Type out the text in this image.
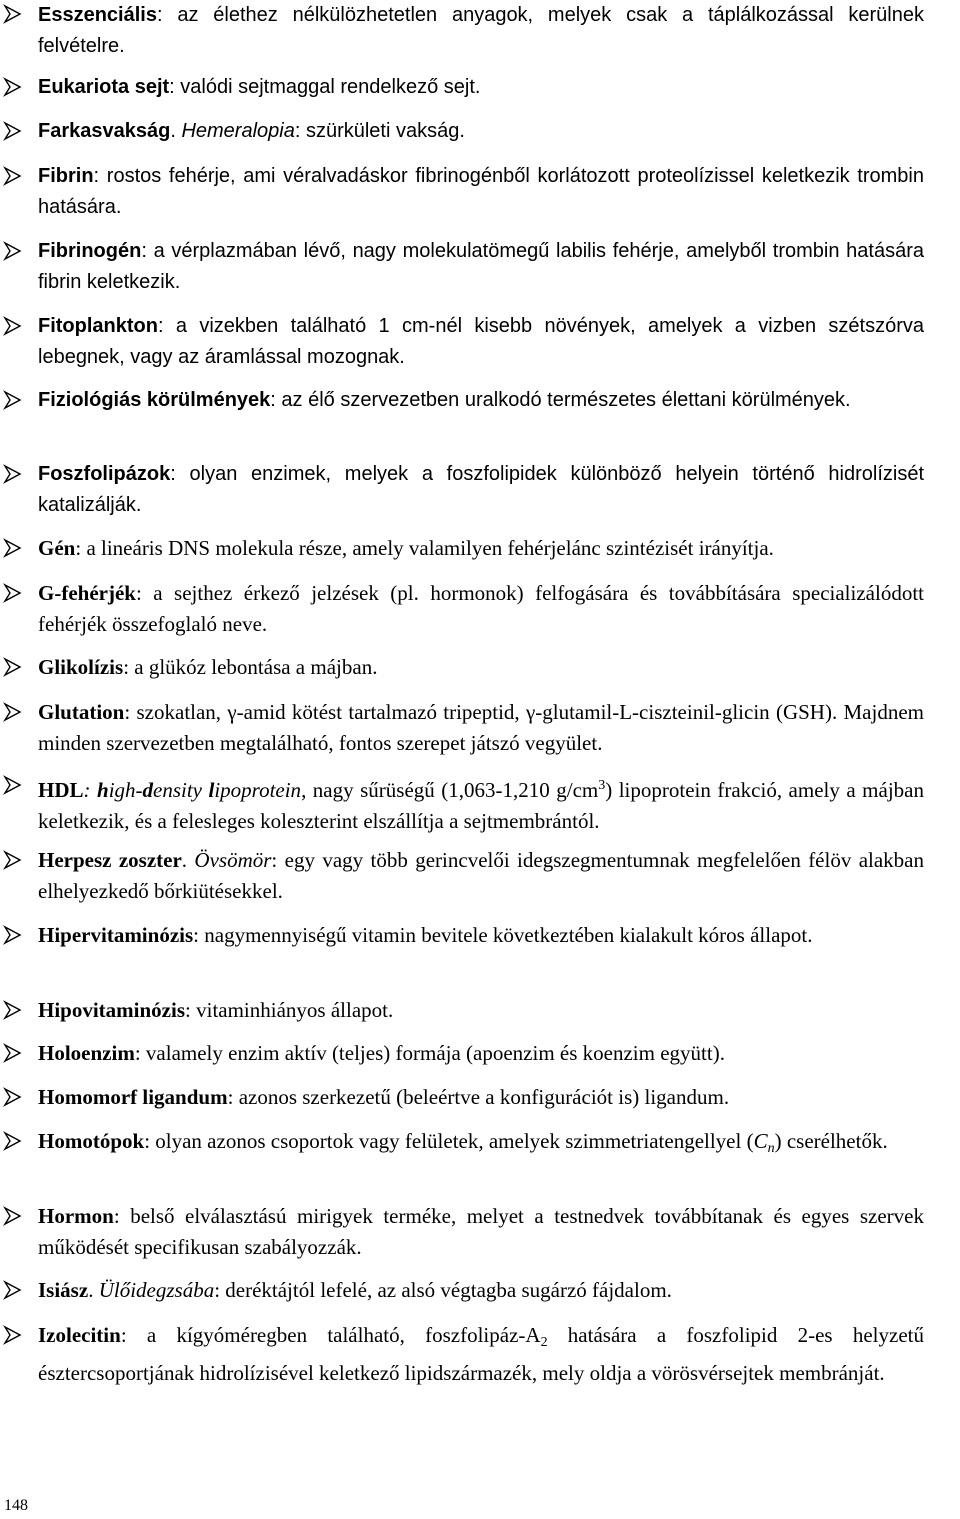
Esszenciális: az élethez nélkülözhetetlen anyagok, melyek csak a táplálkozással kerülnek felvételre.
Eukariota sejt: valódi sejtmaggal rendelkező sejt.
Farkasvakság. Hemeralopia: szürkületi vakság.
Fibrin: rostos fehérje, ami véralvadáskor fibrinogénből korlátozott proteolízissel keletkezik trombin hatására.
Fibrinogén: a vérplazmában lévő, nagy molekulatömegű labilis fehérje, amelyből trombin hatására fibrin keletkezik.
Fitoplankton: a vizekben található 1 cm-nél kisebb növények, amelyek a vizben szétszórva lebegnek, vagy az áramlással mozognak.
Fiziológiás körülmények: az élő szervezetben uralkodó természetes élettani körülmények.
Foszfolipázok: olyan enzimek, melyek a foszfolipidek különböző helyein történő hidrolízisét katalizálják.
Gén: a lineáris DNS molekula része, amely valamilyen fehérjelánc szintézisét irányítja.
G-fehérjék: a sejthez érkező jelzések (pl. hormonok) felfogására és továbbítására specializálódott fehérjék összefoglaló neve.
Glikolízis: a glükóz lebontása a májban.
Glutation: szokatlan, γ-amid kötést tartalmazó tripeptid, γ-glutamil-L-ciszteinil-glicin (GSH). Majdnem minden szervezetben megtalálható, fontos szerepet játszó vegyület.
HDL: high-density lipoprotein, nagy sűrüségű (1,063-1,210 $g/cm^3$) lipoprotein frakció, amely a májban keletkezik, és a felesleges koleszterint elszállítja a sejtmembrántól.
Herpesz zoszter. Övsömör: egy vagy több gerincvelői idegszegmentumnak megfelelően félöv alakban elhelyezkedő bőrkiütésekkel.
Hipervitaminózis: nagymennyiségű vitamin bevitele következtében kialakult kóros állapot.
Hipovitaminózis: vitaminhiányos állapot.
Holoenzim: valamely enzim aktív (teljes) formája (apoenzim és koenzim együtt).
Homomorf ligandum: azonos szerkezetű (beleértve a konfigurációt is) ligandum.
Homotópok: olyan azonos csoportok vagy felületek, amelyek szimmetriatengellyel $(C_n)$ cserélhetők.
Hormon: belső elválasztású mirigyek terméke, melyet a testnedvek továbbítanak és egyes szervek működését specifikusan szabályozzák.
Isiász. Ülőidegzsába: deréktájtól lefelé, az alsó végtagba sugárzó fájdalom.
Izolecitin: a kígyóméregben található, foszfolipáz-$A_2$ hatására a foszfolipid 2-es helyzetű észtercsoportjának hidrolízisével keletkező lipidszármazék, mely oldja a vörösvérsejtek membránját.
148
